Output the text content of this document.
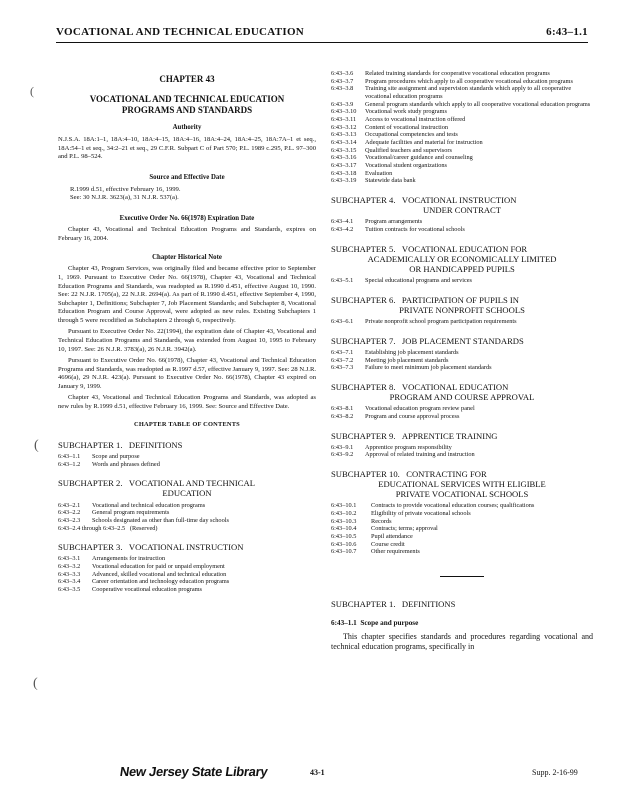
VOCATIONAL AND TECHNICAL EDUCATION	6:43–1.1
(
(
(
CHAPTER 43
VOCATIONAL AND TECHNICAL EDUCATION PROGRAMS AND STANDARDS
Authority

N.J.S.A. 18A:1–1, 18A:4–10, 18A:4–15, 18A:4–16, 18A:4–24, 18A:4–25, 18A:7A–1 et seq., 18A:54–1 et seq., 34:2–21 et seq., 29 C.F.R. Subpart C of Part 570; P.L. 1989 c.295, P.L. 97–300 and P.L. 98–524.

Source and Effective Date

R.1999 d.51, effective February 16, 1999.

See: 30 N.J.R. 3623(a), 31 N.J.R. 537(a).

Executive Order No. 66(1978) Expiration Date

Chapter 43, Vocational and Technical Education Programs and Standards, expires on February 16, 2004.

Chapter Historical Note

Chapter 43, Program Services, was originally filed and became effective prior to September 1, 1969. Pursuant to Executive Order No. 66(1978), Chapter 43, Vocational and Technical Education Programs and Standards, was readopted as R.1990 d.451, effective August 10, 1990. See: 22 N.J.R. 1705(a), 22 N.J.R. 2694(a). As part of R.1990 d.451, effective September 4, 1990, Subchapter 1, Definitions; Subchapter 7, Job Placement Standards; and Subchapter 8, Vocational Education Program and Course Approval, were adopted as new rules. Existing Subchapters 1 through 5 were recodified as Subchapters 2 through 6, respectively.

Pursuant to Executive Order No. 22(1994), the expiration date of Chapter 43, Vocational and Technical Education Programs and Standards, was extended from August 10, 1995 to February 10, 1997. See: 26 N.J.R. 3783(a), 26 N.J.R. 3942(a).

Pursuant to Executive Order No. 66(1978), Chapter 43, Vocational and Technical Education Programs and Standards, was readopted as R.1997 d.57, effective January 9, 1997. See: 28 N.J.R. 4696(a), 29 N.J.R. 423(a). Pursuant to Executive Order No. 66(1978), Chapter 43 expired on January 9, 1999.

Chapter 43, Vocational and Technical Education Programs and Standards, was adopted as new rules by R.1999 d.51, effective February 16, 1999. See: Source and Effective Date.

CHAPTER TABLE OF CONTENTS
SUBCHAPTER 1. DEFINITIONS
6:43–1.1	Scope and purpose
6:43–1.2	Words and phrases defined
SUBCHAPTER 2. VOCATIONAL AND TECHNICAL
EDUCATION
6:43–2.1	Vocational and technical education programs
6:43–2.2	General program requirements
6:43–2.3	Schools designated as other than full-time day schools
6:43–2.4 through 6:43–2.5
(Reserved)
SUBCHAPTER 3. VOCATIONAL INSTRUCTION
6:43–3.1	Arrangements for instruction
6:43–3.2	Vocational education for paid or unpaid employment
6:43–3.3	Advanced, skilled vocational and technical education
6:43–3.4	Career orientation and technology education programs
6:43–3.5	Cooperative vocational education programs
6:43–3.6	Related training standards for cooperative vocational education programs
6:43–3.7	Program procedures which apply to all cooperative vocational education programs
6:43–3.8	Training site assignment and supervision standards which apply to all cooperative vocational education programs
6:43–3.9	General program standards which apply to all cooperative vocational education programs
6:43–3.10	Vocational work study programs
6:43–3.11	Access to vocational instruction offered
6:43–3.12	Content of vocational instruction
6:43–3.13	Occupational competencies and tests
6:43–3.14	Adequate facilities and material for instruction
6:43–3.15	Qualified teachers and supervisors
6:43–3.16	Vocational/career guidance and counseling
6:43–3.17	Vocational student organizations
6:43–3.18	Evaluation
6:43–3.19	Statewide data bank
SUBCHAPTER 4. VOCATIONAL INSTRUCTION
UNDER CONTRACT
6:43–4.1	Program arrangements
6:43–4.2	Tuition contracts for vocational schools
SUBCHAPTER 5. VOCATIONAL EDUCATION FOR
ACADEMICALLY OR ECONOMICALLY LIMITED
OR HANDICAPPED PUPILS
6:43–5.1	Special educational programs and services
SUBCHAPTER 6. PARTICIPATION OF PUPILS IN
PRIVATE NONPROFIT SCHOOLS
6:43–6.1	Private nonprofit school program participation requirements
SUBCHAPTER 7. JOB PLACEMENT STANDARDS
6:43–7.1	Establishing job placement standards
6:43–7.2	Meeting job placement standards
6:43–7.3	Failure to meet minimum job placement standards
SUBCHAPTER 8. VOCATIONAL EDUCATION
PROGRAM AND COURSE APPROVAL
6:43–8.1	Vocational education program review panel
6:43–8.2	Program and course approval process
SUBCHAPTER 9. APPRENTICE TRAINING
6:43–9.1	Apprentice program responsibility
6:43–9.2	Approval of related training and instruction
SUBCHAPTER 10. CONTRACTING FOR
EDUCATIONAL SERVICES WITH ELIGIBLE
PRIVATE VOCATIONAL SCHOOLS
6:43–10.1	Contracts to provide vocational education courses; qualifications
6:43–10.2	Eligibility of private vocational schools
6:43–10.3	Records
6:43–10.4	Contracts; terms; approval
6:43–10.5	Pupil attendance
6:43–10.6	Course credit
6:43–10.7	Other requirements
SUBCHAPTER 1.   DEFINITIONS
6:43–1.1 Scope and purpose
This chapter specifies standards and procedures regarding vocational and technical education programs, specifically in
New Jersey State Library	43-1	Supp. 2-16-99
